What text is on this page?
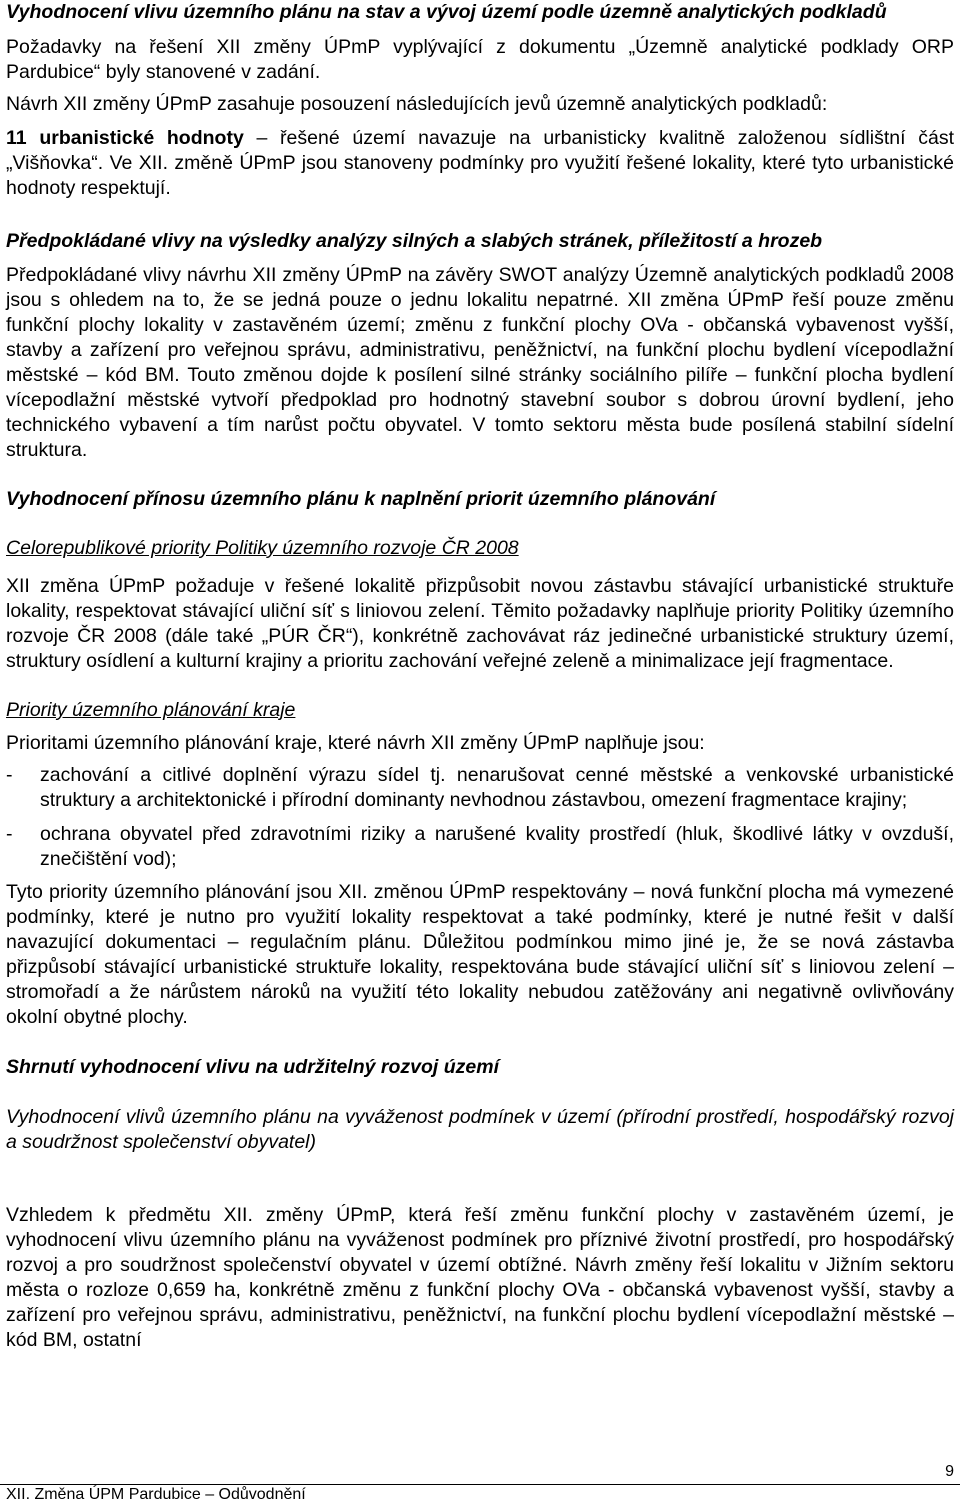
Vyhodnocení vlivu územního plánu na stav a vývoj území podle územně analytických podkladů

Požadavky na řešení XII změny ÚPmP vyplývající z dokumentu „Územně analytické podklady ORP Pardubice“ byly stanovené v zadání.

Návrh XII změny ÚPmP zasahuje posouzení následujících jevů územně analytických podkladů:

11 urbanistické hodnoty – řešené území navazuje na urbanisticky kvalitně založenou sídlištní část „Višňovka“. Ve XII. změně ÚPmP jsou stanoveny podmínky pro využití řešené lokality, které tyto urbanistické hodnoty respektují.

Předpokládané vlivy na výsledky analýzy silných a slabých stránek, příležitostí a hrozeb

Předpokládané vlivy návrhu XII změny ÚPmP na závěry SWOT analýzy Územně analytických podkladů 2008 jsou s ohledem na to, že se jedná pouze o jednu lokalitu nepatrné. XII změna ÚPmP řeší pouze změnu funkční plochy lokality v zastavěném území; změnu z funkční plochy OVa - občanská vybavenost vyšší, stavby a zařízení pro veřejnou správu, administrativu, peněžnictví, na funkční plochu bydlení vícepodlažní městské – kód BM. Touto změnou dojde k posílení silné stránky sociálního pilíře – funkční plocha bydlení vícepodlažní městské vytvoří předpoklad pro hodnotný stavební soubor s dobrou úrovní bydlení, jeho technického vybavení a tím narůst počtu obyvatel. V tomto sektoru města bude posílená stabilní sídelní struktura.

Vyhodnocení přínosu územního plánu k naplnění priorit územního plánování
Celorepublikové priority Politiky územního rozvoje ČR 2008

XII změna ÚPmP požaduje v řešené lokalitě přizpůsobit novou zástavbu stávající urbanistické struktuře lokality, respektovat stávající uliční síť s liniovou zelení. Těmito požadavky naplňuje priority Politiky územního rozvoje ČR 2008 (dále také „PÚR ČR“), konkrétně zachovávat ráz jedinečné urbanistické struktury území, struktury osídlení a kulturní krajiny a prioritu zachování veřejné zeleně a minimalizace její fragmentace.

Priority územního plánování kraje

Prioritami územního plánování kraje, které návrh XII změny ÚPmP naplňuje jsou:

- zachování a citlivé doplnění výrazu sídel tj. nenarušovat cenné městské a venkovské urbanistické struktury a architektonické i přírodní dominanty nevhodnou zástavbou, omezení fragmentace krajiny;
- ochrana obyvatel před zdravotními riziky a narušené kvality prostředí (hluk, škodlivé látky v ovzduší, znečištění vod);

Tyto priority územního plánování jsou XII. změnou ÚPmP respektovány – nová funkční plocha má vymezené podmínky, které je nutno pro využití lokality respektovat a také podmínky, které je nutné řešit v další navazující dokumentaci – regulačním plánu. Důležitou podmínkou mimo jiné je, že se nová zástavba přizpůsobí stávající urbanistické struktuře lokality, respektována bude stávající uliční síť s liniovou zelení – stromořadí a že nárůstem nároků na využití této lokality nebudou zatěžovány ani negativně ovlivňovány okolní obytné plochy.

Shrnutí vyhodnocení vlivu na udržitelný rozvoj území

Vyhodnocení vlivů územního plánu na vyváženost podmínek v území (přírodní prostředí, hospodářský rozvoj a soudržnost společenství obyvatel)

Vzhledem k předmětu XII. změny ÚPmP, která řeší změnu funkční plochy v zastavěném území, je vyhodnocení vlivu územního plánu na vyváženost podmínek pro příznivé životní prostředí, pro hospodářský rozvoj a pro soudržnost společenství obyvatel v území obtížné. Návrh změny řeší lokalitu v Jižním sektoru města o rozloze 0,659 ha, konkrétně změnu z funkční plochy OVa - občanská vybavenost vyšší, stavby a zařízení pro veřejnou správu, administrativu, peněžnictví, na funkční plochu bydlení vícepodlažní městské – kód BM, ostatní

9
XII. Změna ÚPM Pardubice – Odůvodnění
